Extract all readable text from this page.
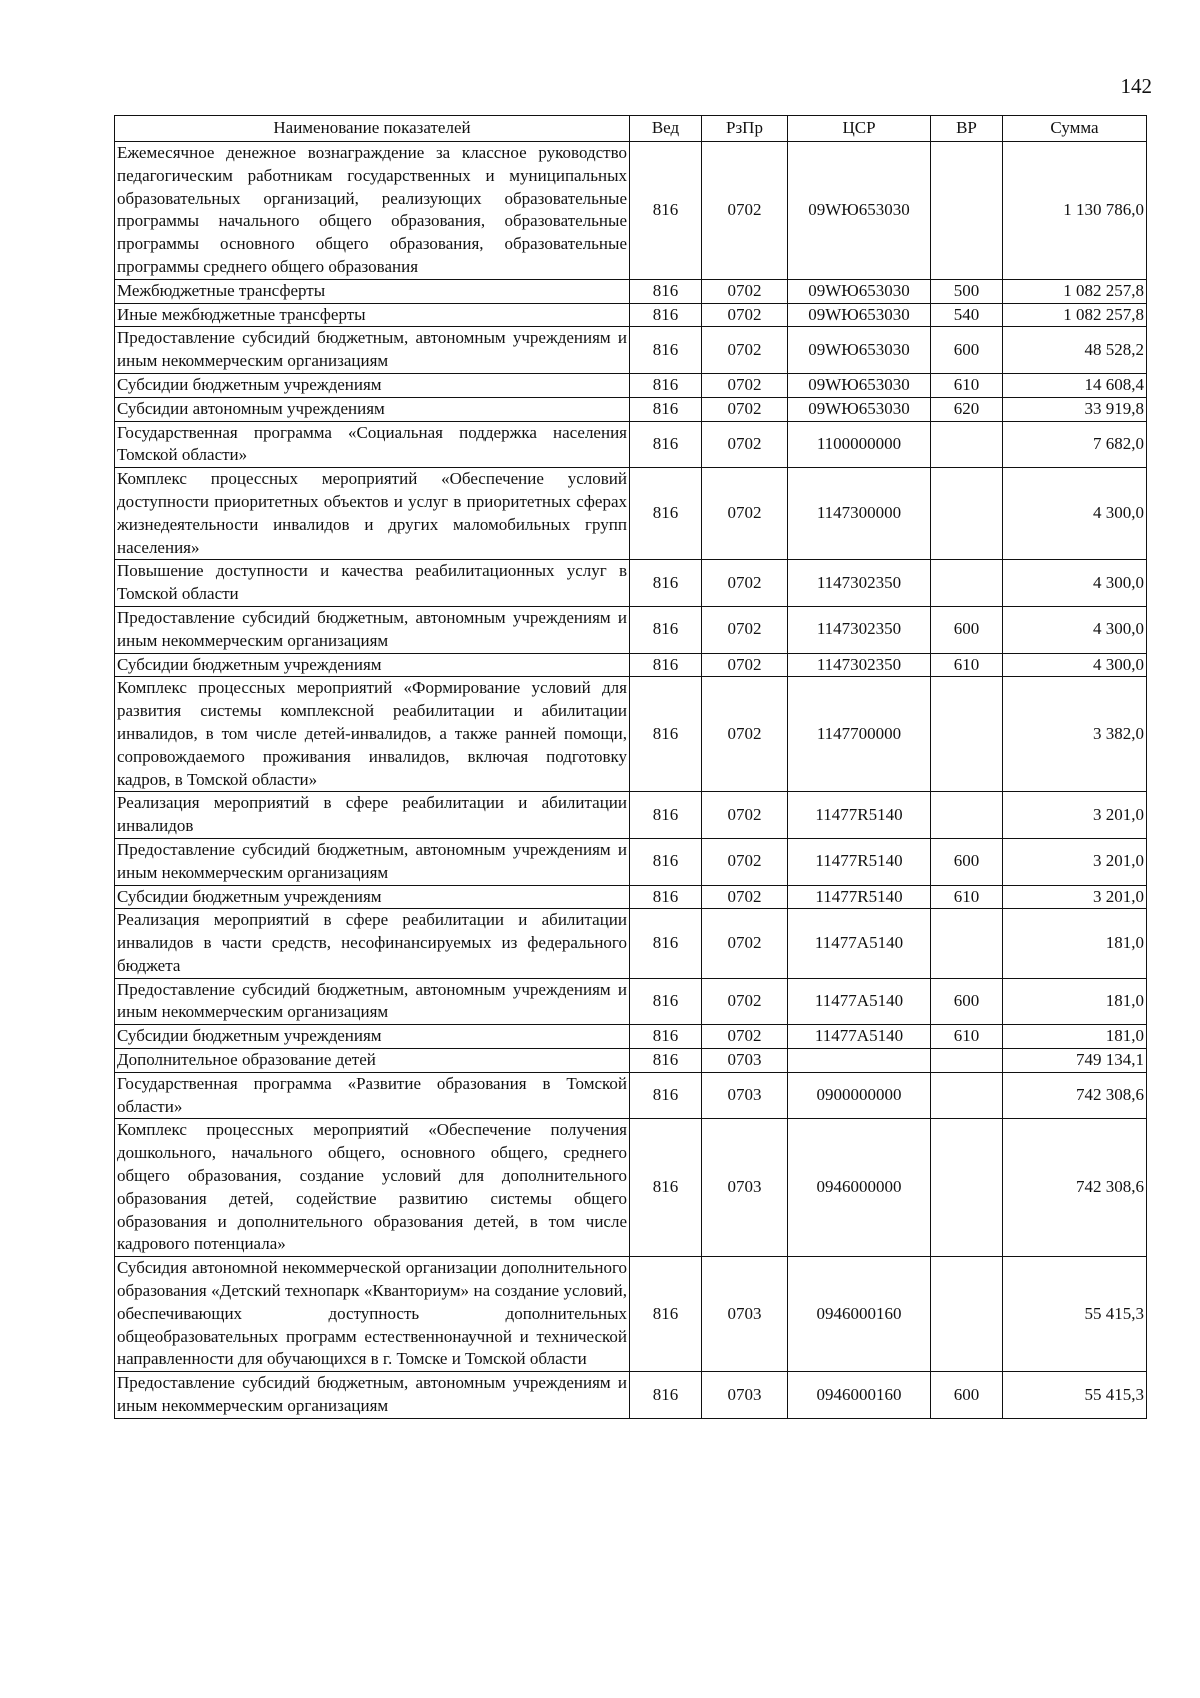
142
Наименование показателей	Вед	РзПр	ЦСР	ВР	Сумма
Ежемесячное денежное вознаграждение за классное руководство педагогическим работникам государственных и муниципальных образовательных организаций, реализующих образовательные программы начального общего образования, образовательные программы основного общего образования, образовательные программы среднего общего образования	816	0702	09WЮ653030		1 130 786,0
Межбюджетные трансферты	816	0702	09WЮ653030	500	1 082 257,8
Иные межбюджетные трансферты	816	0702	09WЮ653030	540	1 082 257,8
Предоставление субсидий бюджетным, автономным учреждениям и иным некоммерческим организациям	816	0702	09WЮ653030	600	48 528,2
Субсидии бюджетным учреждениям	816	0702	09WЮ653030	610	14 608,4
Субсидии автономным учреждениям	816	0702	09WЮ653030	620	33 919,8
Государственная программа «Социальная поддержка населения Томской области»	816	0702	1100000000		7 682,0
Комплекс процессных мероприятий «Обеспечение условий доступности приоритетных объектов и услуг в приоритетных сферах жизнедеятельности инвалидов и других маломобильных групп населения»	816	0702	1147300000		4 300,0
Повышение доступности и качества реабилитационных услуг в Томской области	816	0702	1147302350		4 300,0
Предоставление субсидий бюджетным, автономным учреждениям и иным некоммерческим организациям	816	0702	1147302350	600	4 300,0
Субсидии бюджетным учреждениям	816	0702	1147302350	610	4 300,0
Комплекс процессных мероприятий «Формирование условий для развития системы комплексной реабилитации и абилитации инвалидов, в том числе детей-инвалидов, а также ранней помощи, сопровождаемого проживания инвалидов, включая подготовку кадров, в Томской области»	816	0702	1147700000		3 382,0
Реализация мероприятий в сфере реабилитации и абилитации инвалидов	816	0702	11477R5140		3 201,0
Предоставление субсидий бюджетным, автономным учреждениям и иным некоммерческим организациям	816	0702	11477R5140	600	3 201,0
Субсидии бюджетным учреждениям	816	0702	11477R5140	610	3 201,0
Реализация мероприятий в сфере реабилитации и абилитации инвалидов в части средств, несофинансируемых из федерального бюджета	816	0702	11477A5140		181,0
Предоставление субсидий бюджетным, автономным учреждениям и иным некоммерческим организациям	816	0702	11477A5140	600	181,0
Субсидии бюджетным учреждениям	816	0702	11477A5140	610	181,0
Дополнительное образование детей	816	0703			749 134,1
Государственная программа «Развитие образования в Томской области»	816	0703	0900000000		742 308,6
Комплекс процессных мероприятий «Обеспечение получения дошкольного, начального общего, основного общего, среднего общего образования, создание условий для дополнительного образования детей, содействие развитию системы общего образования и дополнительного образования детей, в том числе кадрового потенциала»	816	0703	0946000000		742 308,6
Субсидия автономной некоммерческой организации дополнительного образования «Детский технопарк «Кванториум» на создание условий, обеспечивающих доступность дополнительных общеобразовательных программ естественнонаучной и технической направленности для обучающихся в г. Томске и Томской области	816	0703	0946000160		55 415,3
Предоставление субсидий бюджетным, автономным учреждениям и иным некоммерческим организациям	816	0703	0946000160	600	55 415,3
